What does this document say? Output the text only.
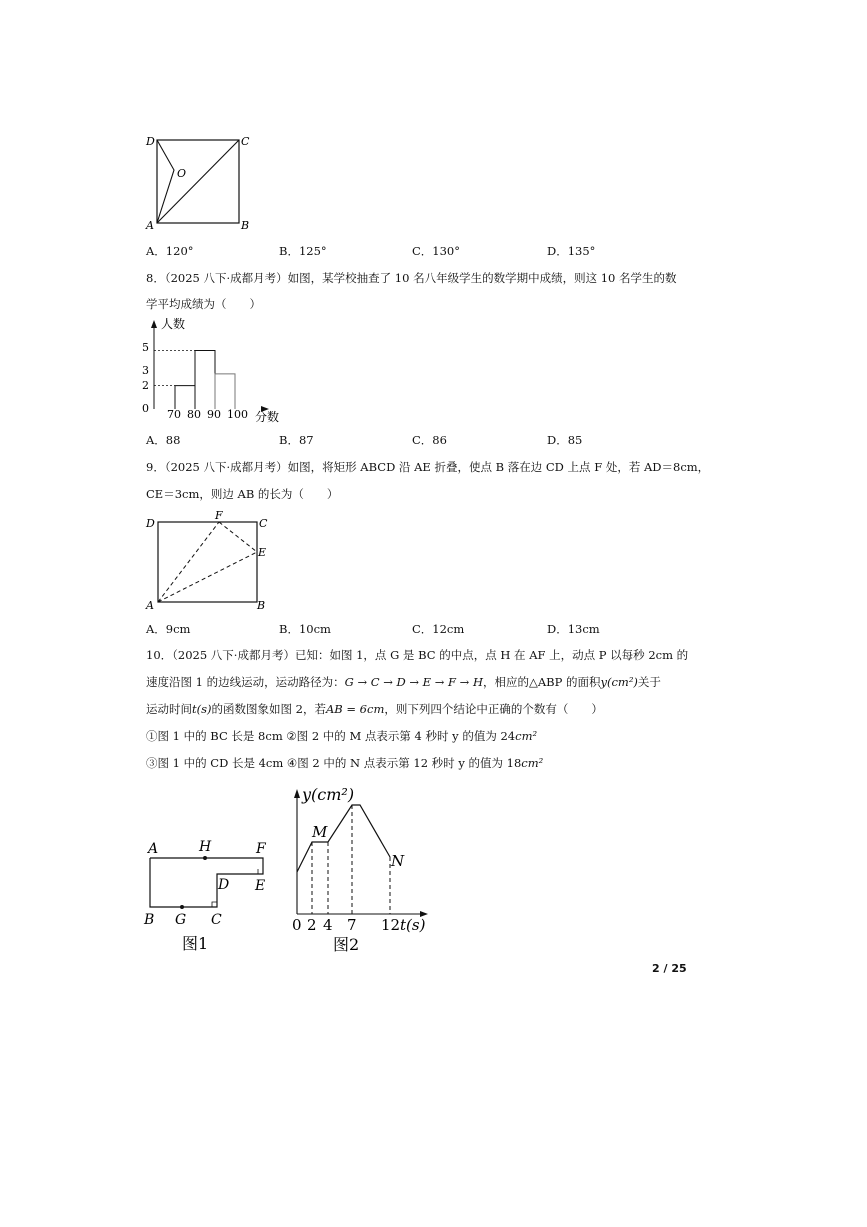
D	C
O
A	B
A．120°	B．125°	C．130°	D．135°
8．（2025 八下·成都月考）如图，某学校抽查了 10 名八年级学生的数学期中成绩，则这 10 名学生的数
学平均成绩为（　　）
人数
分数
5
3
2
0 70 80 90 100
A．88	B．87	C．86	D．85
9．（2025 八下·成都月考）如图，将矩形 ABCD 沿 AE 折叠，使点 B 落在边 CD 上点 F 处，若 AD＝8cm，
CE＝3cm，则边 AB 的长为（　　）
D
F
C
E
A	B
A．9cm	B．10cm	C．12cm	D．13cm
10．（2025 八下·成都月考）已知：如图 1，点 G 是 BC 的中点，点 H 在 AF 上，动点 P 以每秒 2cm 的
速度沿图 1 的边线运动，运动路径为：G → C → D → E → F → H，相应的△ABP 的面积y(cm²)关于
运动时间t(s)的函数图象如图 2，若AB = 6cm，则下列四个结论中正确的个数有（　　）
①图 1 中的 BC 长是 8cm ②图 2 中的 M 点表示第 4 秒时 y 的值为 24cm²
③图 1 中的 CD 长是 4cm ④图 2 中的 N 点表示第 12 秒时 y 的值为 18cm²
A	H	F
D E
B G C
图1
y(cm²)
M
N
0 2 4 7 12 t(s)
图2
2 / 25
